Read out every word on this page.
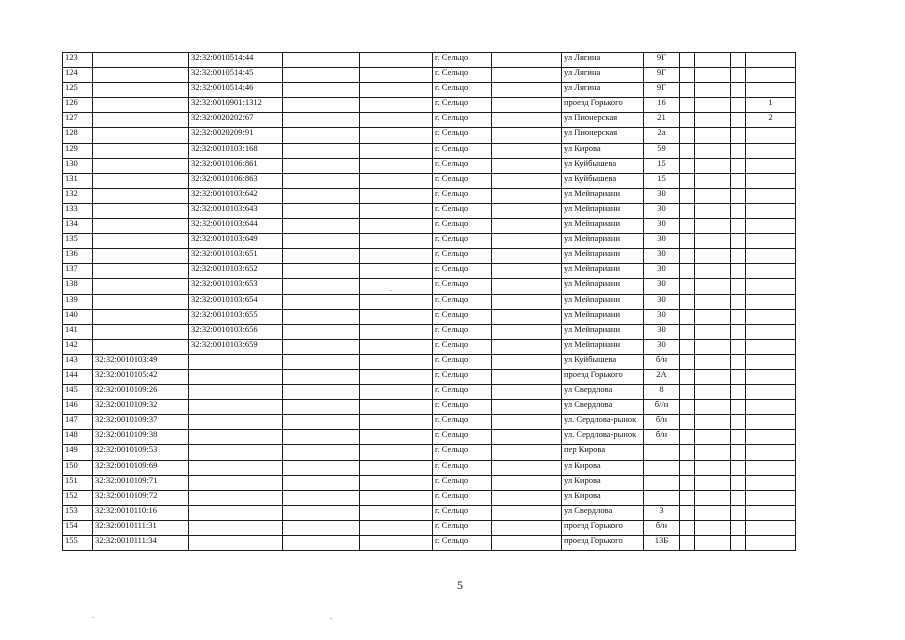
123		32:32:0010514:44			г. Сельцо		ул Лягина	9Г				
124		32:32:0010514:45			г. Сельцо		ул Лягина	9Г				
125		32:32:0010514:46			г. Сельцо		ул Лягина	9Г				
126		32:32:0010901:1312			г. Сельцо		проезд Горького	16				1
127		32:32:0020202:67			г. Сельцо		ул Пионерская	21				2
128		32:32:0020209:91			г. Сельцо		ул Пионерская	2а				
129		32:32:0010103:168			г. Сельцо		ул Кирова	59				
130		32:32:0010106:861			г. Сельцо		ул Куйбышева	15				
131		32:32:0010106:863			г. Сельцо		ул Куйбышева	15				
132		32:32:0010103:642			г. Сельцо		ул Мейпариани	30				
133		32:32:0010103:643			г. Сельцо		ул Мейпариани	30				
134		32:32:0010103:644			г. Сельцо		ул Мейпариани	30				
135		32:32:0010103:649			г. Сельцо		ул Мейпариани	30				
136		32:32:0010103:651			г. Сельцо		ул Мейпариани	30				
137		32:32:0010103:652			г. Сельцо		ул Мейпариани	30				
138		32:32:0010103:653			г. Сельцо		ул Мейпариани	30				
139		32:32:0010103:654			г. Сельцо		ул Мейпариани	30				
140		32:32:0010103:655			г. Сельцо		ул Мейпариани	30				
141		32:32:0010103:656			г. Сельцо		ул Мейпариани	30				
142		32:32:0010103:659			г. Сельцо		ул Мейпариани	30				
143	32:32:0010103:49				г. Сельцо		ул Куйбышева	б/н				
144	32:32:0010105:42				г. Сельцо		проезд Горького	2А				
145	32:32:0010109:26				г. Сельцо		ул Свердлова	8				
146	32:32:0010109:32				г. Сельцо		ул Свердлова	б//н				
147	32:32:0010109:37				г. Сельцо		ул. Сердлова-рынок	б/н				
148	32:32:0010109:38				г. Сельцо		ул. Сердлова-рынок	б/н				
149	32:32:0010109:53				г. Сельцо		пер Кирова					
150	32:32:0010109:69				г. Сельцо		ул Кирова					
151	32:32:0010109:71				г. Сельцо		ул Кирова					
152	32:32:0010109:72				г. Сельцо		ул Кирова					
153	32:32:0010110:16				г. Сельцо		ул Свердлова	3				
154	32:32:0010111:31				г. Сельцо		проезд Горького	б/н				
155	32:32:0010111:34				г. Сельцо		проезд Горького	13Б				
5
